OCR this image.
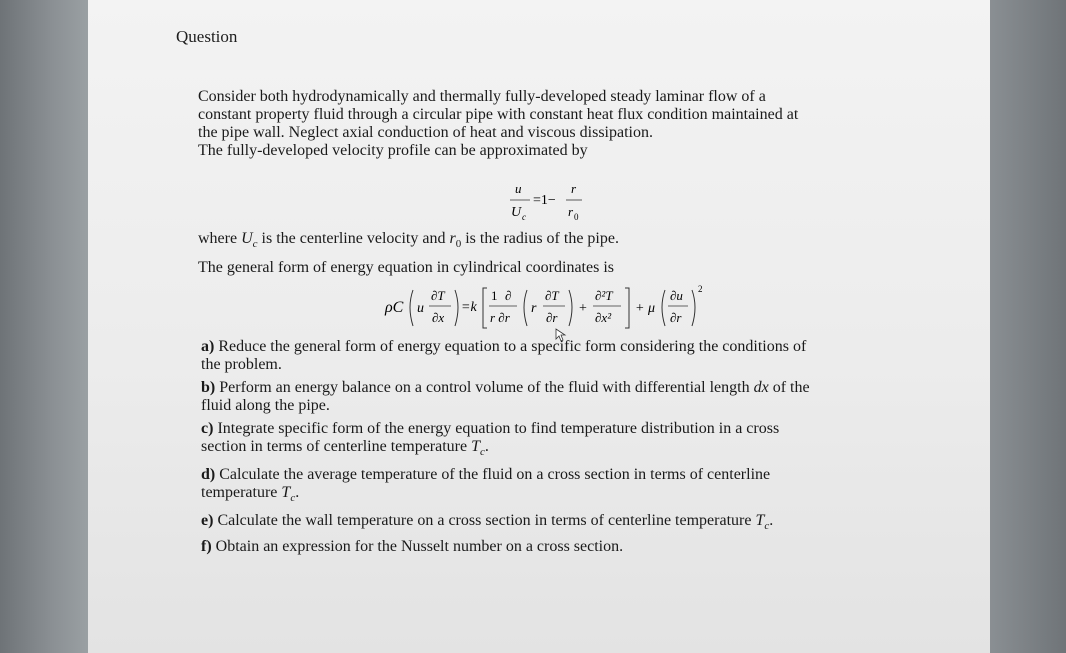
Question

Consider both hydrodynamically and thermally fully-developed steady laminar flow of a

constant property fluid through a circular pipe with constant heat flux condition maintained at

the pipe wall. Neglect axial conduction of heat and viscous dissipation.

The fully-developed velocity profile can be approximated by

u
U c
=1−
r
r 0
where $U_c$ is the centerline velocity and $r_0$ is the radius of the pipe.

The general form of energy equation in cylindrical coordinates is

ρC u
∂T
∂x
=k
1 ∂
r ∂r
r
∂T
∂r
+
∂²T
∂x²
+ μ
∂u
∂r
2
a) Reduce the general form of energy equation to a specific form considering the conditions of
the problem.
b) Perform an energy balance on a control volume of the fluid with differential length dx of the
fluid along the pipe.
c) Integrate specific form of the energy equation to find temperature distribution in a cross
section in terms of centerline temperature $T_c$.
d) Calculate the average temperature of the fluid on a cross section in terms of centerline
temperature $T_c$.
e) Calculate the wall temperature on a cross section in terms of centerline temperature $T_c$.
f) Obtain an expression for the Nusselt number on a cross section.
